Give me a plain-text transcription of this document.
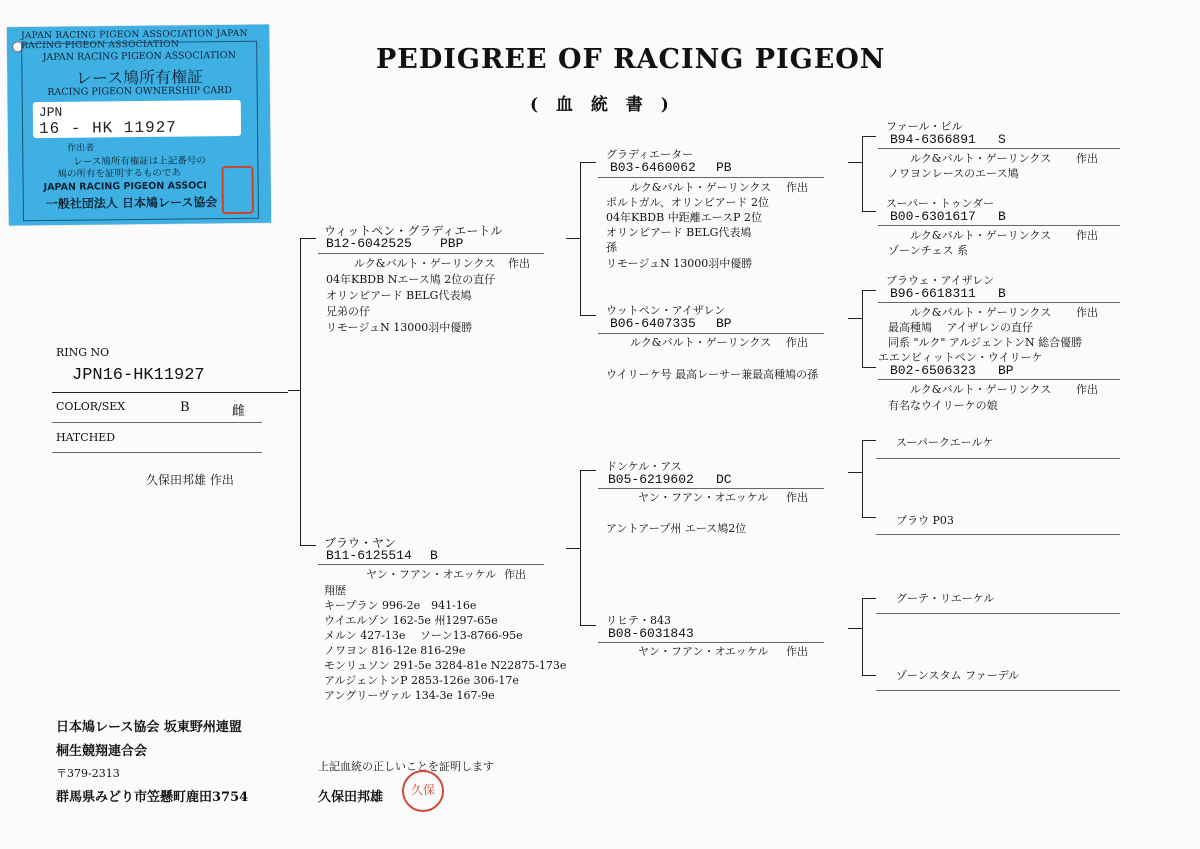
JAPAN RACING PIGEON ASSOCIATION JAPAN RACING PIGEON ASSOCIATION
JAPAN RACING PIGEON ASSOCIATION
レース鳩所有権証
RACING PIGEON OWNERSHIP CARD
JPN
16 - HK 11927
作出者
レース鳩所有権証は上記番号の
鳩の所有を証明するものであ
JAPAN RACING PIGEON ASSOCI
一般社団法人 日本鳩レース協会
PEDIGREE OF RACING PIGEON
( 血 統 書 )
RING NO
JPN16-HK11927
COLOR/SEX	B	雌
HATCHED
久保田邦雄 作出
ウィットペン・グラディエートル
B12-6042525 PBP
ルク&バルト・ゲーリンクス 作出
04年KBDB Nエース鳩 2位の直仔
オリンピアード BELG代表鳩
兄弟の仔
リモージュN 13000羽中優勝
ブラウ・ヤン
B11-6125514 B
ヤン・フアン・オエッケル 作出
翔歴
キープラン 996-2e　941-16e
ウイエルゾン 162-5e 州1297-65e
メルン 427-13e　 ソーン13-8766-95e
ノワヨン 816-12e 816-29e
モンリュソン 291-5e 3284-81e N22875-173e
アルジェントンP 2853-126e 306-17e
アングリーヴァル 134-3e 167-9e
グラディエーター
B03-6460062 PB
ルク&バルト・ゲーリンクス 作出
ポルトガル、オリンピアード 2位
04年KBDB 中距離エースP 2位
オリンピアード BELG代表鳩
孫
リモージュN 13000羽中優勝
ウットペン・アイザレン
B06-6407335 BP
ルク&バルト・ゲーリンクス 作出
ウイリーケ号 最高レーサー兼最高種鳩の孫
ドンケル・アス
B05-6219602 DC
ヤン・フアン・オエッケル 作出
アントアープ州 エース鳩2位
リヒテ・843
B08-6031843
ヤン・フアン・オエッケル 作出
ファール・ビル
B94-6366891 S
ルク&バルト・ゲーリンクス 作出
ノワヨンレースのエース鳩
スーパー・トゥンダー
B00-6301617 B
ルク&バルト・ゲーリンクス 作出
ゾーンチェス 系
ブラウェ・アイザレン
B96-6618311 B
ルク&バルト・ゲーリンクス 作出
最高種鳩　 アイザレンの直仔
同系 "ルク" アルジェントンN 総合優勝
エエンビィットペン・ウイリーケ
B02-6506323 BP
ルク&バルト・ゲーリンクス 作出
有名なウイリーケの娘
スーパークエールケ
ブラウ P03
グーテ・リエーケル
ゾーンスタム ファーデル
日本鳩レース協会 坂東野州連盟
桐生競翔連合会
〒379-2313
群馬県みどり市笠懸町鹿田3754
上記血統の正しいことを証明します
久保田邦雄	久保
